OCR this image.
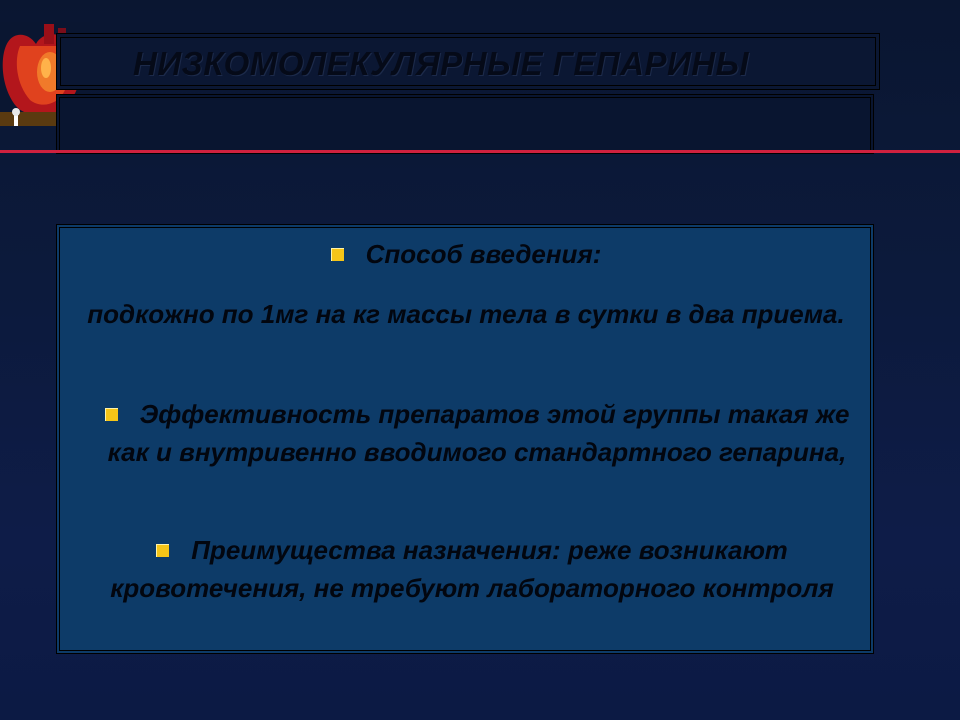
НИЗКОМОЛЕКУЛЯРНЫЕ ГЕПАРИНЫ
Способ введения:
подкожно по 1мг на кг массы тела в сутки в два приема.
Эффективность препаратов этой группы такая же как и внутривенно вводимого стандартного гепарина,
Преимущества назначения: реже возникают кровотечения, не требуют лабораторного контроля
